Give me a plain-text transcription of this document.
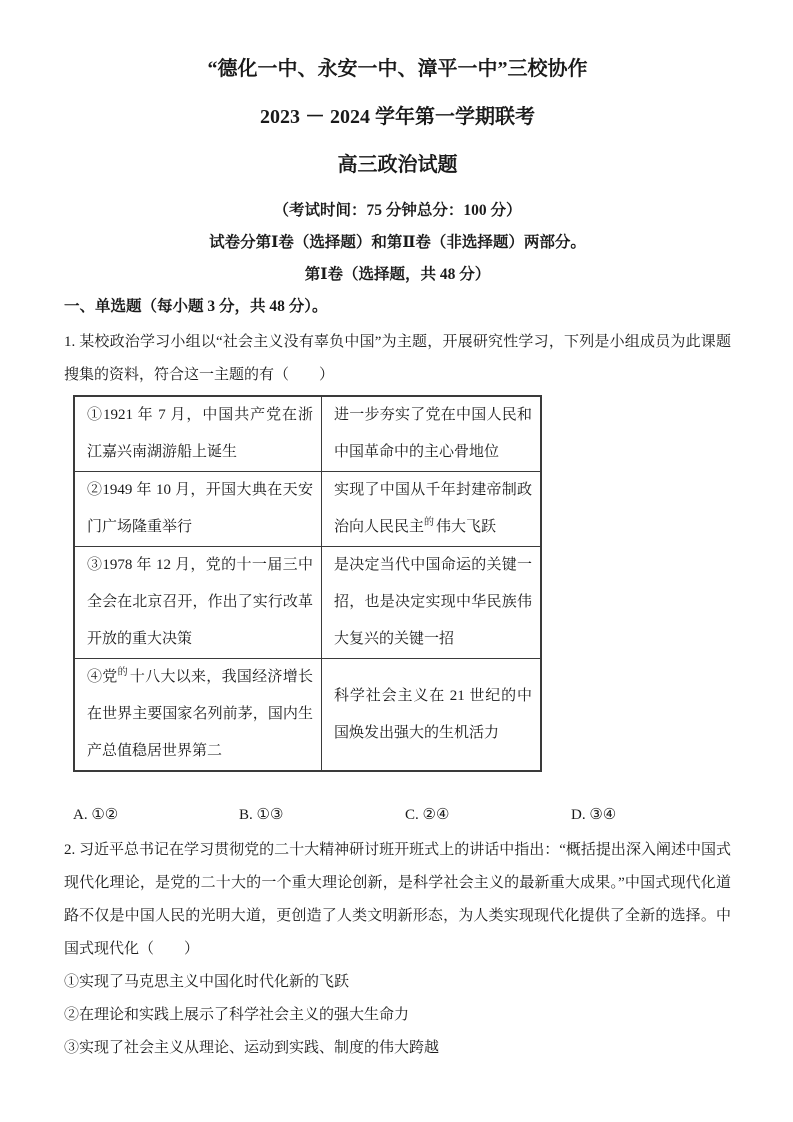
“德化一中、永安一中、漳平一中”三校协作
2023 － 2024 学年第一学期联考
高三政治试题
（考试时间：75 分钟总分：100 分）
试卷分第Ⅰ卷（选择题）和第Ⅱ卷（非选择题）两部分。
第Ⅰ卷（选择题，共 48 分）
一、单选题（每小题 3 分，共 48 分）。

1. 某校政治学习小组以“社会主义没有辜负中国”为主题，开展研究性学习，下列是小组成员为此课题搜集的资料，符合这一主题的有（　　）

①1921 年 7 月，中国共产党在浙江嘉兴南湖游船上诞生	进一步夯实了党在中国人民和中国革命中的主心骨地位
②1949 年 10 月，开国大典在天安门广场隆重举行	实现了中国从千年封建帝制政治向人民民主$^的$ 伟大飞跃
③1978 年 12 月，党的十一届三中全会在北京召开，作出了实行改革开放的重大决策	是决定当代中国命运的关键一招，也是决定实现中华民族伟大复兴的关键一招
④党$^的$ 十八大以来，我国经济增长在世界主要国家名列前茅，国内生产总值稳居世界第二	科学社会主义在 21 世纪的中国焕发出强大的生机活力
A. ①②	B. ①③	C. ②④	D. ③④

2. 习近平总书记在学习贯彻党的二十大精神研讨班开班式上的讲话中指出：“概括提出深入阐述中国式现代化理论，是党的二十大的一个重大理论创新，是科学社会主义的最新重大成果。”中国式现代化道路不仅是中国人民的光明大道，更创造了人类文明新形态，为人类实现现代化提供了全新的选择。中国式现代化（　　）

①实现了马克思主义中国化时代化新的飞跃
②在理论和实践上展示了科学社会主义的强大生命力
③实现了社会主义从理论、运动到实践、制度的伟大跨越
